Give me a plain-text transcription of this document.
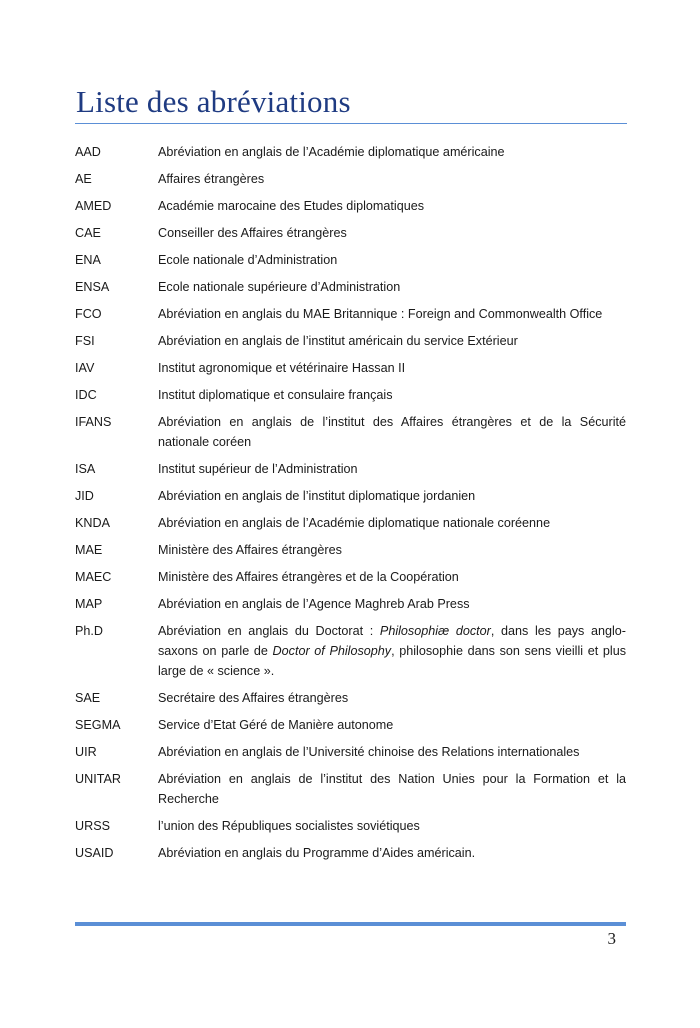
Liste des abréviations
AAD	Abréviation en anglais de l’Académie diplomatique américaine
AE	Affaires étrangères
AMED	Académie marocaine des Etudes diplomatiques
CAE	Conseiller des Affaires étrangères
ENA	Ecole nationale d’Administration
ENSA	Ecole nationale supérieure d’Administration
FCO	Abréviation en anglais du MAE Britannique : Foreign and Commonwealth Office
FSI	Abréviation en anglais de l’institut américain du service Extérieur
IAV	Institut agronomique et vétérinaire Hassan II
IDC	Institut diplomatique et consulaire français
IFANS	Abréviation en anglais de l’institut des Affaires étrangères et de la Sécurité nationale coréen
ISA	Institut supérieur de l’Administration
JID	Abréviation en anglais de l’institut diplomatique jordanien
KNDA	Abréviation en anglais de l’Académie diplomatique nationale coréenne
MAE	Ministère des Affaires étrangères
MAEC	Ministère des Affaires étrangères et de la Coopération
MAP	Abréviation en anglais de l’Agence Maghreb Arab Press
Ph.D	Abréviation en anglais du Doctorat : Philosophiæ doctor, dans les pays anglo-saxons on parle de Doctor of Philosophy, philosophie dans son sens vieilli et plus large de « science ».
SAE	Secrétaire des Affaires étrangères
SEGMA	Service d’Etat Géré de Manière autonome
UIR	Abréviation en anglais de l’Université chinoise des Relations internationales
UNITAR	Abréviation en anglais de l’institut des Nation Unies pour la Formation et la Recherche
URSS	l’union des Républiques socialistes soviétiques
USAID	Abréviation en anglais du Programme d’Aides américain.
3
